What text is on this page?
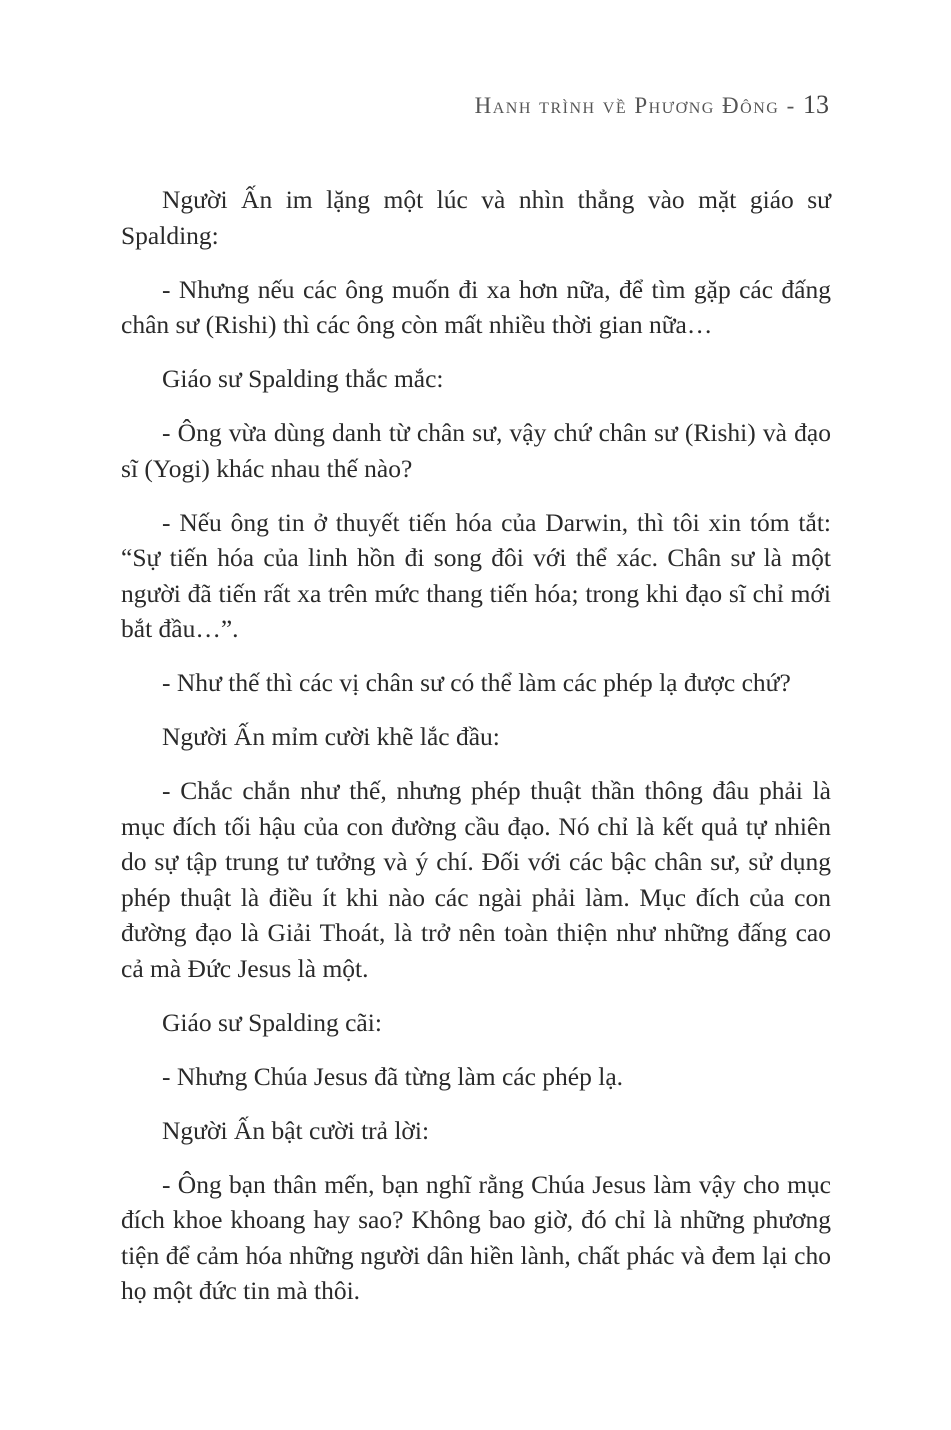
Hanh trình về Phương Đông - 13

Người Ấn im lặng một lúc và nhìn thẳng vào mặt giáo sư Spalding:

- Nhưng nếu các ông muốn đi xa hơn nữa, để tìm gặp các đấng chân sư (Rishi) thì các ông còn mất nhiều thời gian nữa…

Giáo sư Spalding thắc mắc:

- Ông vừa dùng danh từ chân sư, vậy chứ chân sư (Rishi) và đạo sĩ (Yogi) khác nhau thế nào?

- Nếu ông tin ở thuyết tiến hóa của Darwin, thì tôi xin tóm tắt: “Sự tiến hóa của linh hồn đi song đôi với thể xác. Chân sư là một người đã tiến rất xa trên mức thang tiến hóa; trong khi đạo sĩ chỉ mới bắt đầu…”.

- Như thế thì các vị chân sư có thể làm các phép lạ được chứ?

Người Ấn mỉm cười khẽ lắc đầu:

- Chắc chắn như thế, nhưng phép thuật thần thông đâu phải là mục đích tối hậu của con đường cầu đạo. Nó chỉ là kết quả tự nhiên do sự tập trung tư tưởng và ý chí. Đối với các bậc chân sư, sử dụng phép thuật là điều ít khi nào các ngài phải làm. Mục đích của con đường đạo là Giải Thoát, là trở nên toàn thiện như những đấng cao cả mà Đức Jesus là một.

Giáo sư Spalding cãi:

- Nhưng Chúa Jesus đã từng làm các phép lạ.

Người Ấn bật cười trả lời:

- Ông bạn thân mến, bạn nghĩ rằng Chúa Jesus làm vậy cho mục đích khoe khoang hay sao? Không bao giờ, đó chỉ là những phương tiện để cảm hóa những người dân hiền lành, chất phác và đem lại cho họ một đức tin mà thôi.
